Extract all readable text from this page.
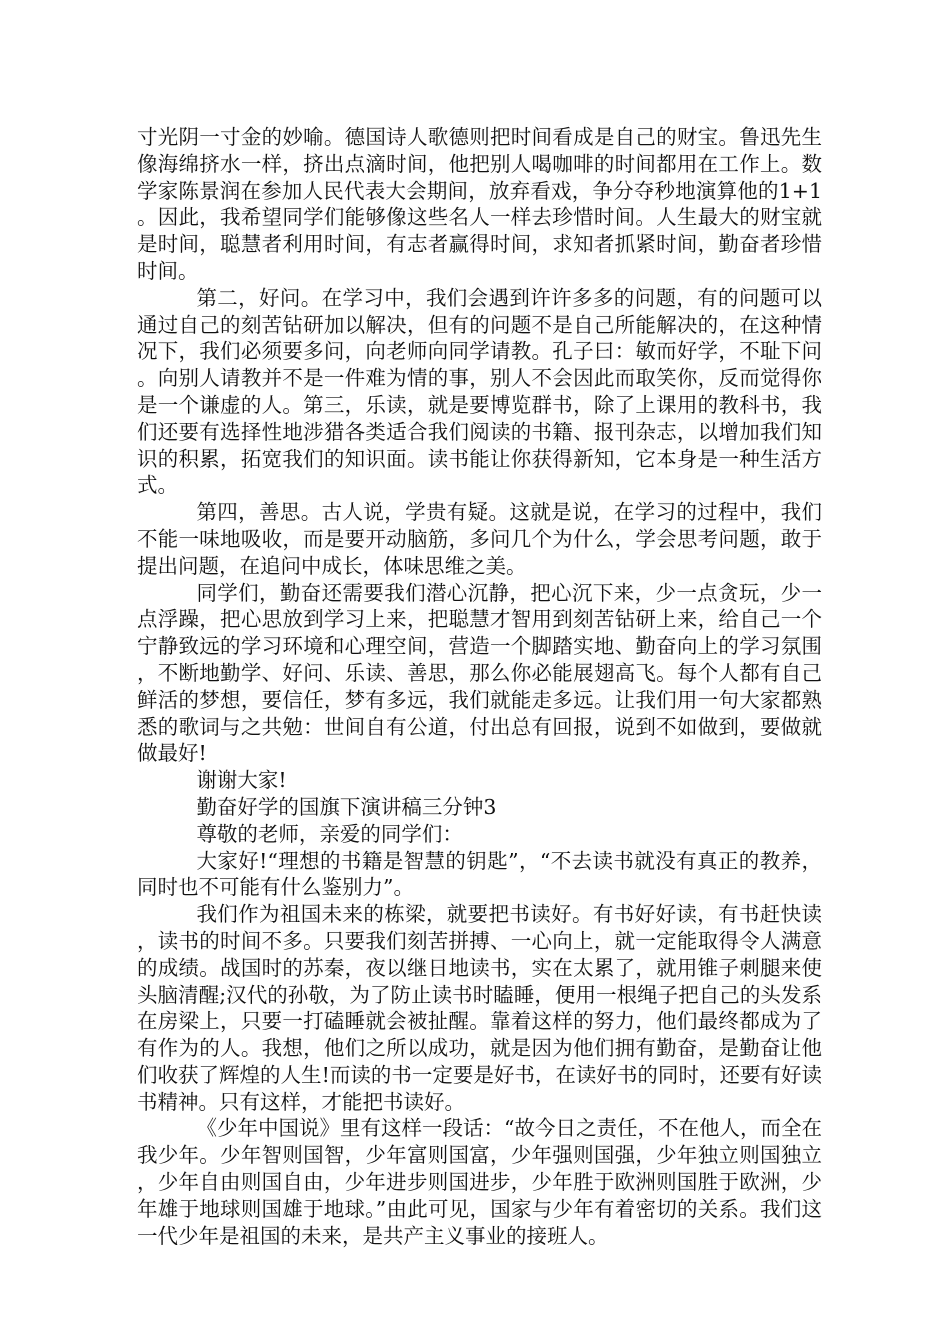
寸光阴一寸金的妙喻。德国诗人歌德则把时间看成是自己的财宝。鲁迅先生像海绵挤水一样，挤出点滴时间，他把别人喝咖啡的时间都用在工作上。数学家陈景润在参加人民代表大会期间，放弃看戏，争分夺秒地演算他的1+1。因此，我希望同学们能够像这些名人一样去珍惜时间。人生最大的财宝就是时间，聪慧者利用时间，有志者赢得时间，求知者抓紧时间，勤奋者珍惜时间。

第二，好问。在学习中，我们会遇到许许多多的问题，有的问题可以通过自己的刻苦钻研加以解决，但有的问题不是自己所能解决的，在这种情况下，我们必须要多问，向老师向同学请教。孔子曰：敏而好学，不耻下问。向别人请教并不是一件难为情的事，别人不会因此而取笑你，反而觉得你是一个谦虚的人。第三，乐读，就是要博览群书，除了上课用的教科书，我们还要有选择性地涉猎各类适合我们阅读的书籍、报刊杂志，以增加我们知识的积累，拓宽我们的知识面。读书能让你获得新知，它本身是一种生活方式。

第四，善思。古人说，学贵有疑。这就是说，在学习的过程中，我们不能一味地吸收，而是要开动脑筋，多问几个为什么，学会思考问题，敢于提出问题，在追问中成长，体味思维之美。

同学们，勤奋还需要我们潜心沉静，把心沉下来，少一点贪玩，少一点浮躁，把心思放到学习上来，把聪慧才智用到刻苦钻研上来，给自己一个宁静致远的学习环境和心理空间，营造一个脚踏实地、勤奋向上的学习氛围，不断地勤学、好问、乐读、善思，那么你必能展翅高飞。每个人都有自己鲜活的梦想，要信任，梦有多远，我们就能走多远。让我们用一句大家都熟悉的歌词与之共勉：世间自有公道，付出总有回报，说到不如做到，要做就做最好!

谢谢大家!

勤奋好学的国旗下演讲稿三分钟3

尊敬的老师，亲爱的同学们：

大家好!“理想的书籍是智慧的钥匙”，“不去读书就没有真正的教养，同时也不可能有什么鉴别力”。

我们作为祖国未来的栋梁，就要把书读好。有书好好读，有书赶快读，读书的时间不多。只要我们刻苦拼搏、一心向上，就一定能取得令人满意的成绩。战国时的苏秦，夜以继日地读书，实在太累了，就用锥子刺腿来使头脑清醒;汉代的孙敬，为了防止读书时瞌睡，便用一根绳子把自己的头发系在房梁上，只要一打磕睡就会被扯醒。靠着这样的努力，他们最终都成为了有作为的人。我想，他们之所以成功，就是因为他们拥有勤奋，是勤奋让他们收获了辉煌的人生!而读的书一定要是好书，在读好书的同时，还要有好读书精神。只有这样，才能把书读好。

《少年中国说》里有这样一段话：“故今日之责任，不在他人，而全在我少年。少年智则国智，少年富则国富，少年强则国强，少年独立则国独立，少年自由则国自由，少年进步则国进步，少年胜于欧洲则国胜于欧洲，少年雄于地球则国雄于地球。”由此可见，国家与少年有着密切的关系。我们这一代少年是祖国的未来，是共产主义事业的接班人。
